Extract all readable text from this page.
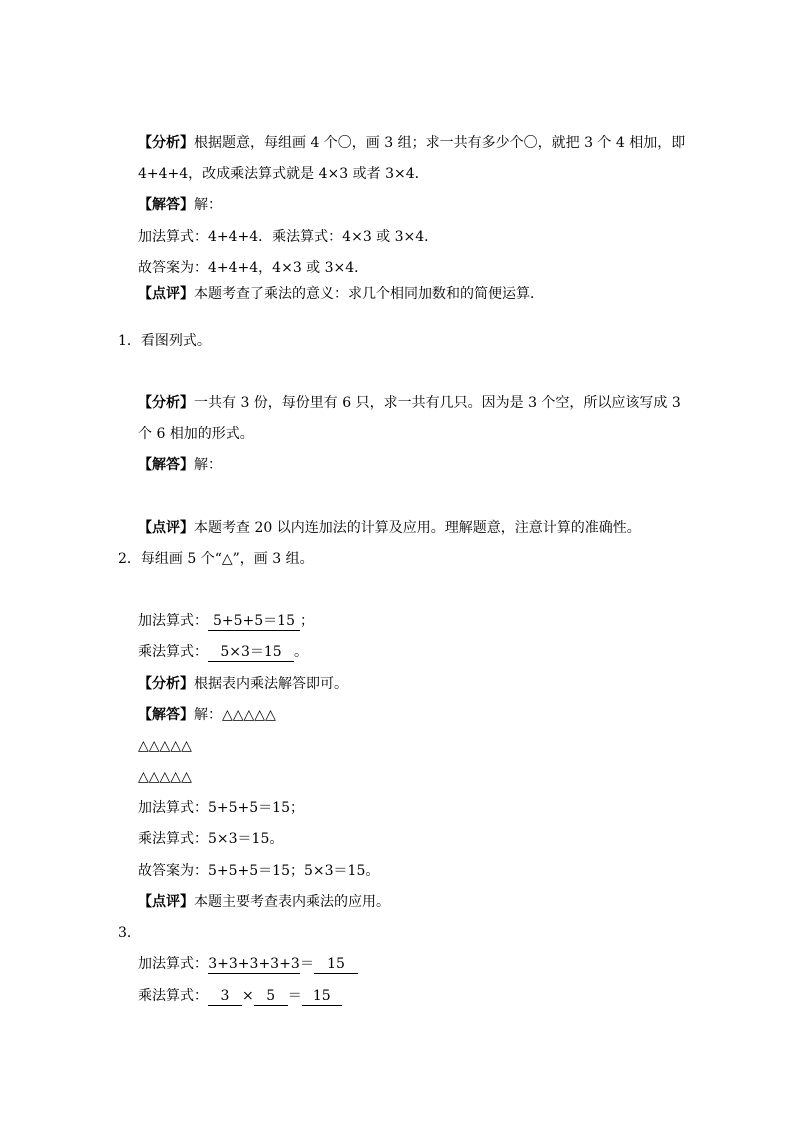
【分析】根据题意，每组画 4 个〇，画 3 组；求一共有多少个〇，就把 3 个 4 相加，即
4+4+4，改成乘法算式就是 4×3 或者 3×4．
【解答】解：
加法算式：4+4+4．乘法算式：4×3 或 3×4．
故答案为：4+4+4，4×3 或 3×4．
【点评】本题考查了乘法的意义：求几个相同加数和的简便运算．
1．看图列式。
【分析】一共有 3 份，每份里有 6 只，求一共有几只。因为是 3 个空，所以应该写成 3
个 6 相加的形式。
【解答】解：
【点评】本题考查 20 以内连加法的计算及应用。理解题意，注意计算的准确性。
2．每组画 5 个“△”，画 3 组。
加法算式： 5+5+5＝15 ；
乘法算式： 5×3＝15 。
【分析】根据表内乘法解答即可。
【解答】解：△△△△△
△△△△△
△△△△△
加法算式：5+5+5＝15；
乘法算式：5×3＝15。
故答案为：5+5+5＝15；5×3＝15。
【点评】本题主要考查表内乘法的应用。
3．
加法算式：3+3+3+3+3＝ 15
乘法算式： 3 × 5 ＝ 15
